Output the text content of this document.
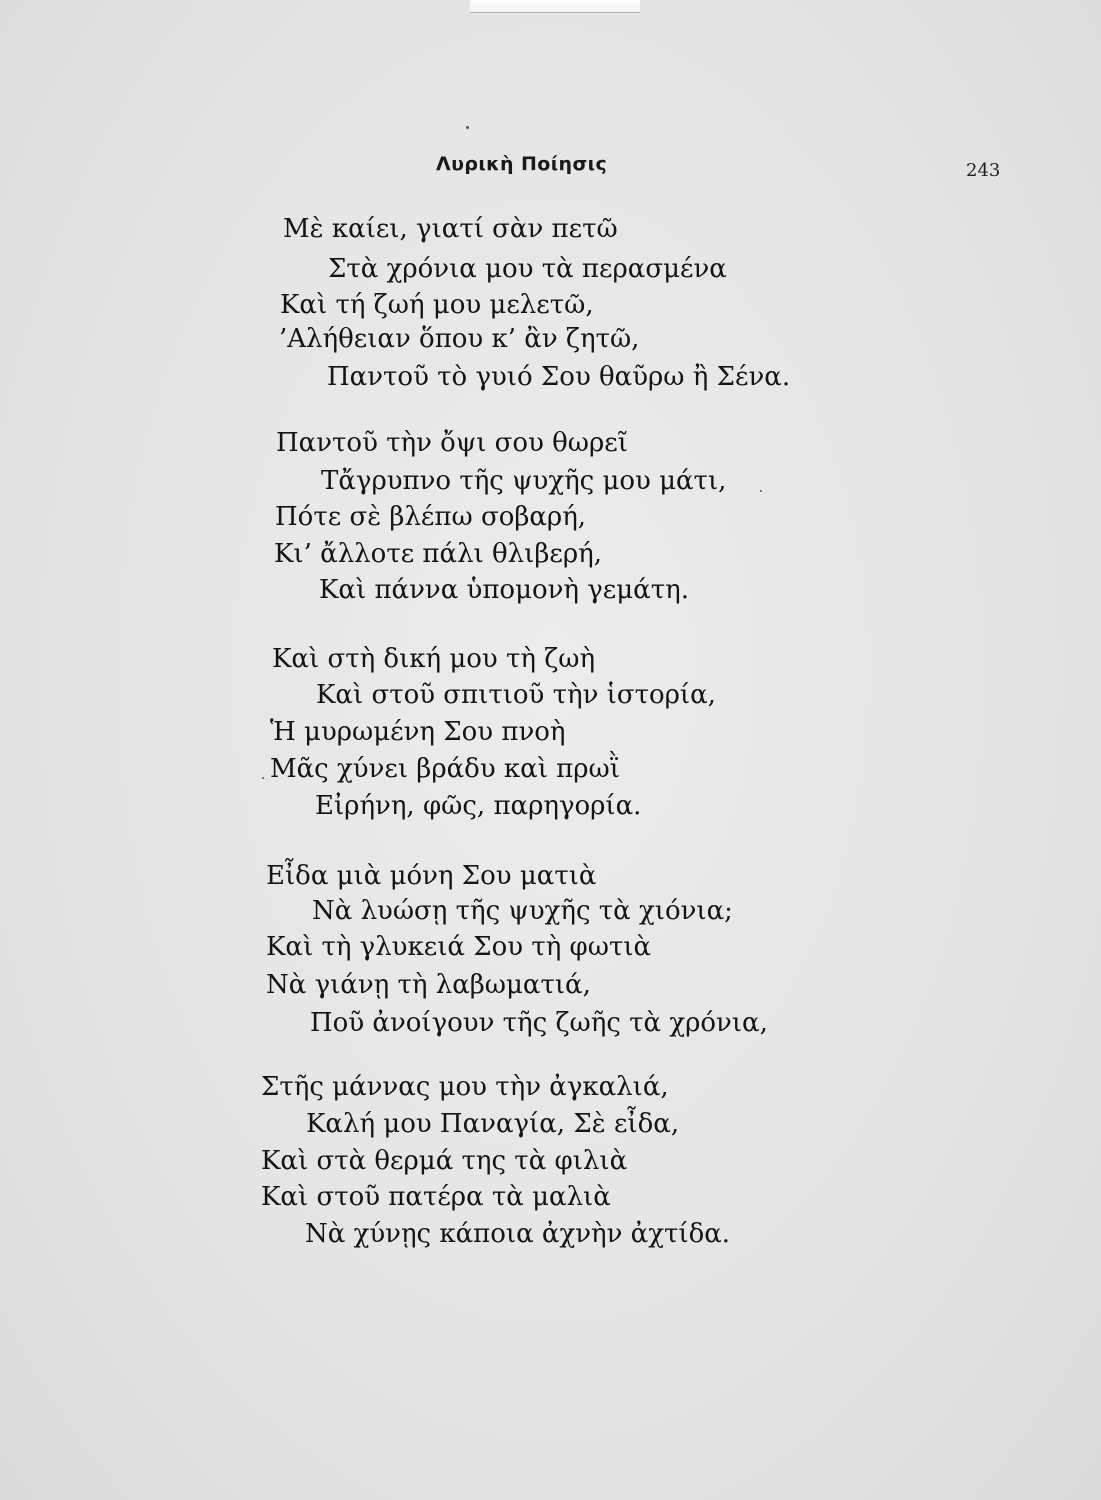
Λυρικὴ Ποίησις	243
Μὲ καίει, γιατί σὰν πετῶ
Στὰ χρόνια μου τὰ περασμένα
Καὶ τή ζωή μου μελετῶ,
’Αλήθειαν ὅπου κ’ ἂν ζητῶ,
Παντοῦ τὸ γυιό Σου θαῦρω ἢ Σένα.
Παντοῦ τὴν ὄψι σου θωρεῖ
Τἄγρυπνο τῆς ψυχῆς μου μάτι,
Πότε σὲ βλέπω σοβαρή,
Κι’ ἄλλοτε πάλι θλιβερή,
Καὶ πάννα ὑπομονὴ γεμάτη.
Καὶ στὴ δική μου τὴ ζωὴ
Καὶ στοῦ σπιτιοῦ τὴν ἱστορία,
Ἡ μυρωμένη Σου πνοὴ
Μᾶς χύνει βράδυ καὶ πρωῒ
Εἰρήνη, φῶς, παρηγορία.
Εἶδα μιὰ μόνη Σου ματιὰ
Νὰ λυώσῃ τῆς ψυχῆς τὰ χιόνια;
Καὶ τὴ γλυκειά Σου τὴ φωτιὰ
Νὰ γιάνῃ τὴ λαβωματιά,
Ποῦ ἀνοίγουν τῆς ζωῆς τὰ χρόνια,
Στῆς μάννας μου τὴν ἀγκαλιά,
Καλή μου Παναγία, Σὲ εἶδα,
Καὶ στὰ θερμά της τὰ φιλιὰ
Καὶ στοῦ πατέρα τὰ μαλιὰ
Νὰ χύνῃς κάποια ἀχνὴν ἀχτίδα.
